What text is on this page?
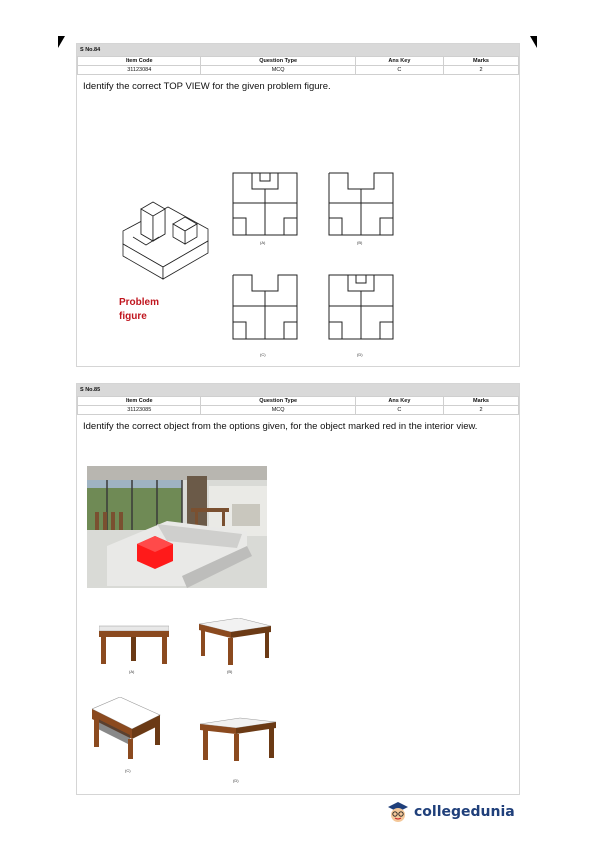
S No.84
Item Code	Question Type	Ans Key	Marks
31123084	MCQ	C	2
Identify the correct TOP VIEW for the given problem figure.
Problem
figure
(A)	(B)
(C)	(D)
S No.85
Item Code	Question Type	Ans Key	Marks
31123085	MCQ	C	2
Identify the correct object from the options given, for the object marked red in the interior view.
(A)	(B)
(C)
(D)
collegedunia
